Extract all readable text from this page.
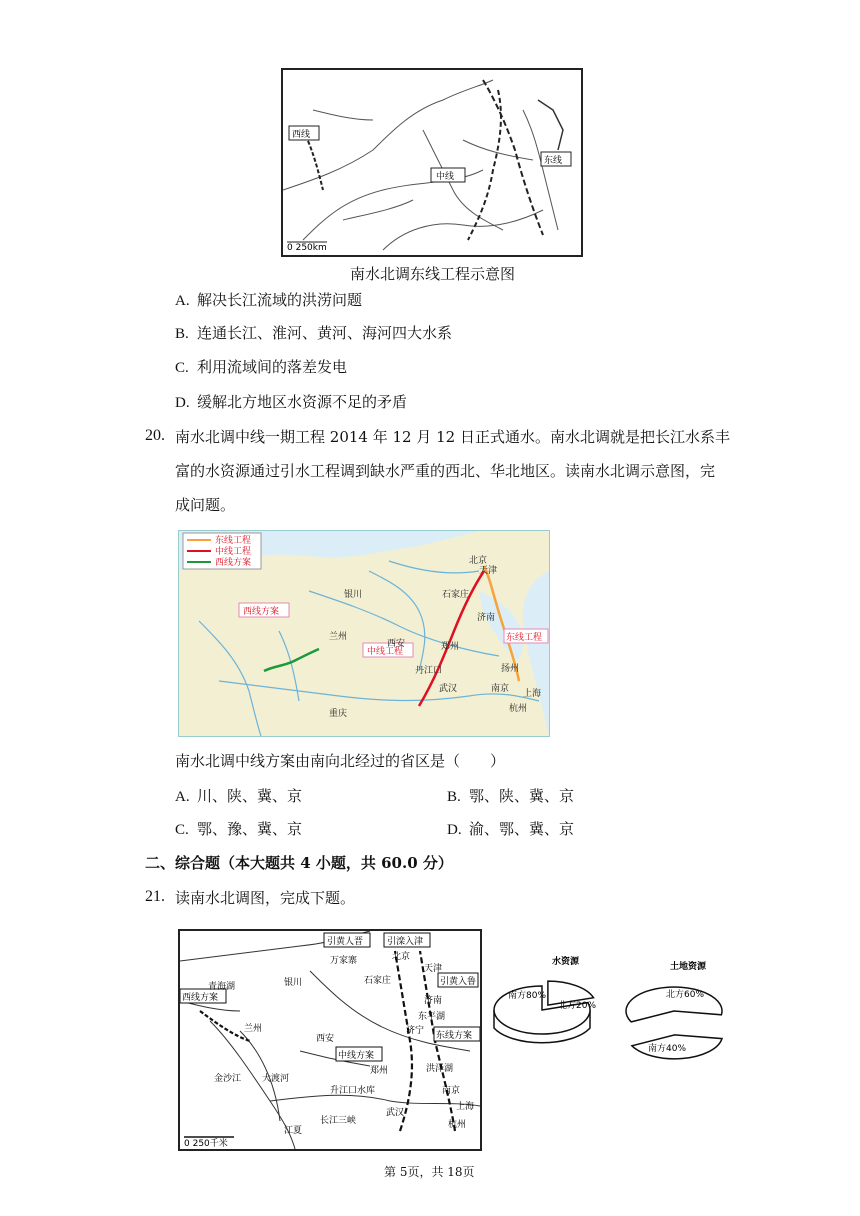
西线
中线
东线
0 250km
南水北调东线工程示意图
A. 解决长江流域的洪涝问题
B. 连通长江、淮河、黄河、海河四大水系
C. 利用流域间的落差发电
D. 缓解北方地区水资源不足的矛盾
20. 南水北调中线一期工程 2014 年 12 月 12 日正式通水。南水北调就是把长江水系丰
富的水资源通过引水工程调到缺水严重的西北、华北地区。读南水北调示意图，完
成问题。
东线工程
中线工程
西线方案
西线方案
中线工程
东线工程
北京
天津
石家庄
济南
银川
兰州
西安	郑州
丹江口
武汉	南京
扬州
上海
杭州
重庆
南水北调中线方案由南向北经过的省区是（　　）
A. 川、陕、冀、京	B. 鄂、陕、冀、京
C. 鄂、豫、冀、京	D. 渝、鄂、冀、京
二、综合题（本大题共 4 小题，共 60.0 分）
21. 读南水北调图，完成下题。
引黄人晋	引滦入津
万家寨
引黄入鲁
西线方案
中线方案
东线方案
升江口水库
长江三峡
银川
青海湖
兰州
西安
北京
天津
石家庄
济南
郑州
武汉
南京
上海
杭州
江夏
洪泽湖
东平湖
济宁
大渡河
金沙江
0 250千米
水资源
南方80%
北方20%
土地资源
北方60%
南方40%
第 5页，共 18页
